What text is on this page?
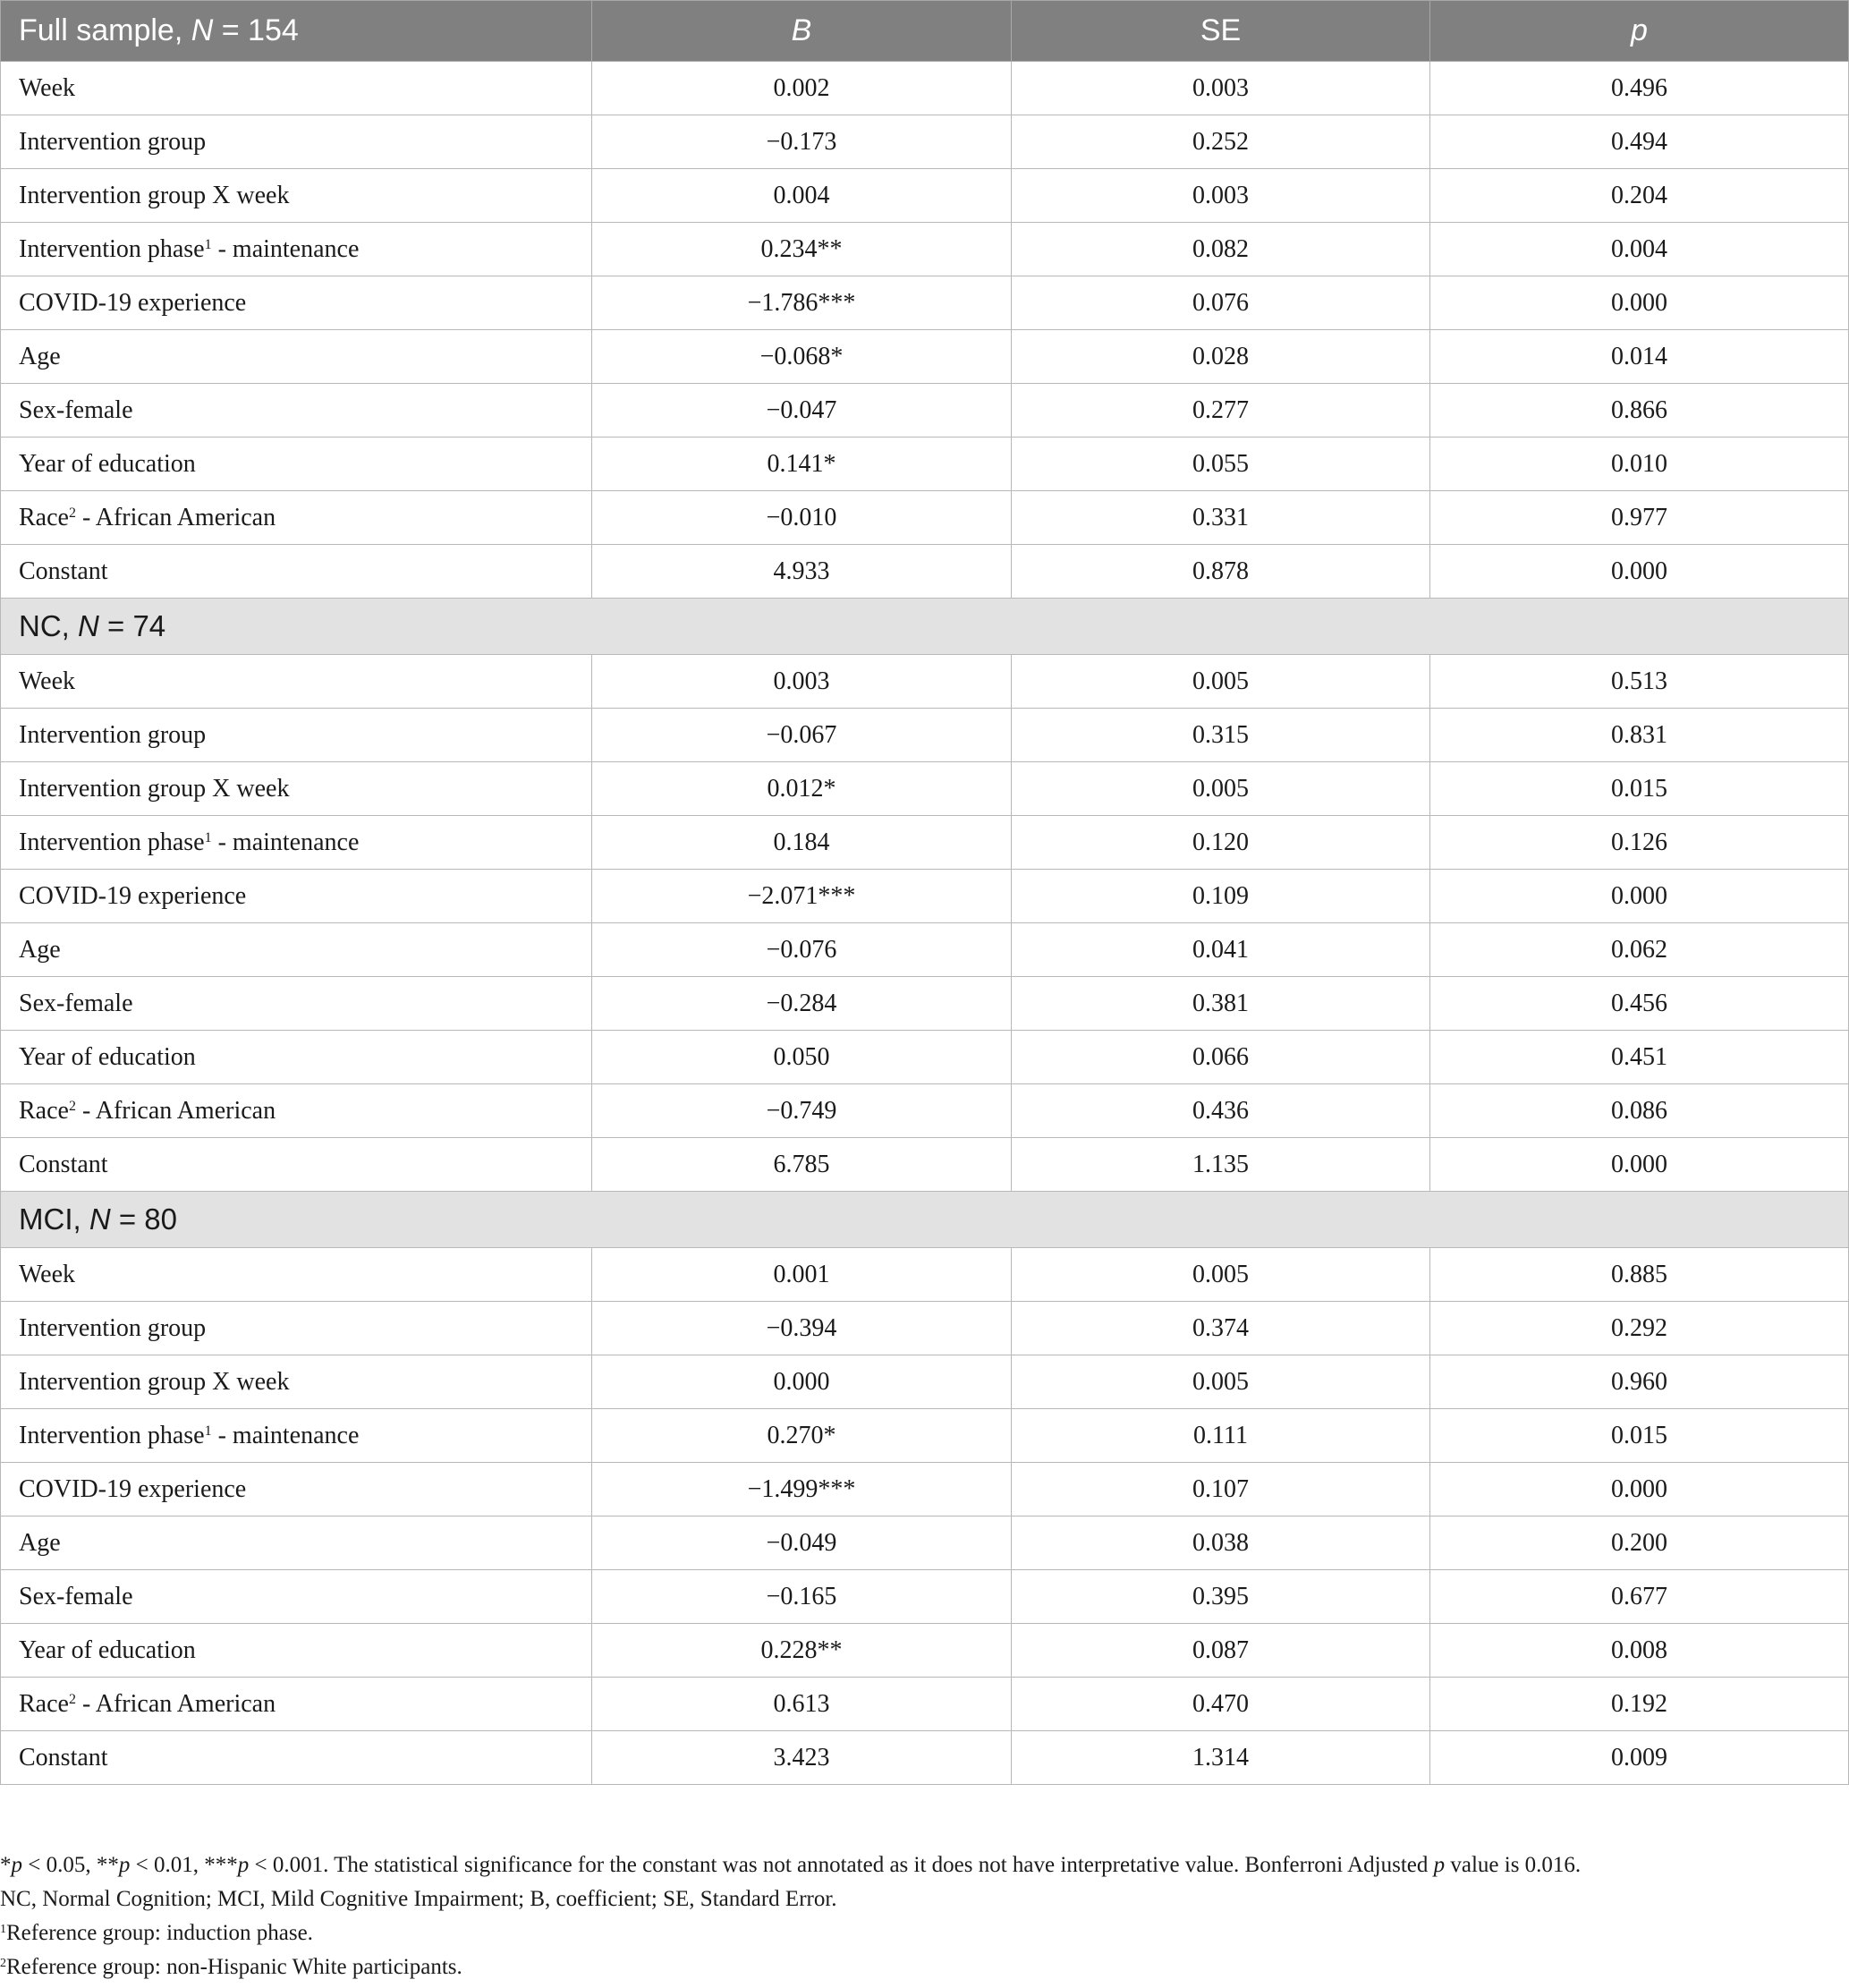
Full sample, N = 154	B	SE	p
Week	0.002	0.003	0.496
Intervention group	−0.173	0.252	0.494
Intervention group X week	0.004	0.003	0.204
Intervention phase$^1$ - maintenance	0.234**	0.082	0.004
COVID-19 experience	−1.786***	0.076	0.000
Age	−0.068*	0.028	0.014
Sex-female	−0.047	0.277	0.866
Year of education	0.141*	0.055	0.010
Race$^2$ - African American	−0.010	0.331	0.977
Constant	4.933	0.878	0.000
NC, N = 74			
Week	0.003	0.005	0.513
Intervention group	−0.067	0.315	0.831
Intervention group X week	0.012*	0.005	0.015
Intervention phase$^1$ - maintenance	0.184	0.120	0.126
COVID-19 experience	−2.071***	0.109	0.000
Age	−0.076	0.041	0.062
Sex-female	−0.284	0.381	0.456
Year of education	0.050	0.066	0.451
Race$^2$ - African American	−0.749	0.436	0.086
Constant	6.785	1.135	0.000
MCI, N = 80			
Week	0.001	0.005	0.885
Intervention group	−0.394	0.374	0.292
Intervention group X week	0.000	0.005	0.960
Intervention phase$^1$ - maintenance	0.270*	0.111	0.015
COVID-19 experience	−1.499***	0.107	0.000
Age	−0.049	0.038	0.200
Sex-female	−0.165	0.395	0.677
Year of education	0.228**	0.087	0.008
Race$^2$ - African American	0.613	0.470	0.192
Constant	3.423	1.314	0.009

*p < 0.05, **p < 0.01, ***p < 0.001. The statistical significance for the constant was not annotated as it does not have interpretative value. Bonferroni Adjusted p value is 0.016.

NC, Normal Cognition; MCI, Mild Cognitive Impairment; B, coefficient; SE, Standard Error.

$^1$Reference group: induction phase.

$^2$Reference group: non-Hispanic White participants.
